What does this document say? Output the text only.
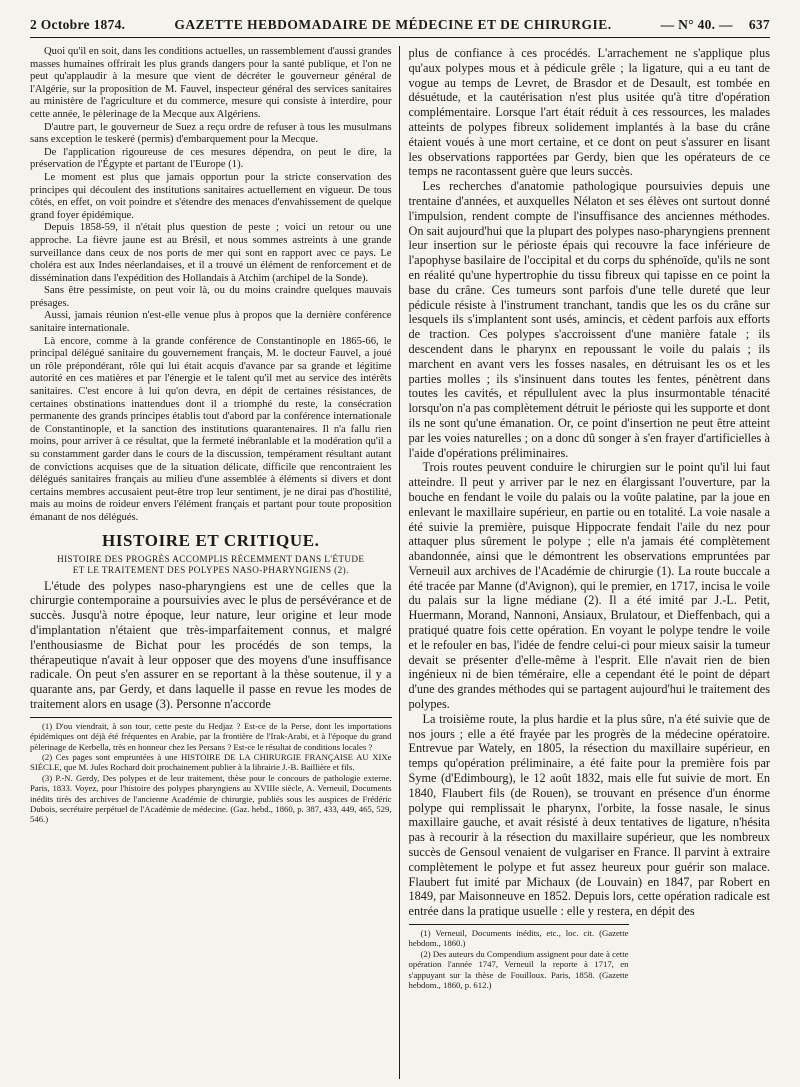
2 Octobre 1874.	GAZETTE HEBDOMADAIRE DE MÉDECINE ET DE CHIRURGIE.	— N° 40. — 637

Quoi qu'il en soit, dans les conditions actuelles, un rassemblement d'aussi grandes masses humaines offrirait les plus grands dangers pour la santé publique, et l'on ne peut qu'applaudir à la mesure que vient de décréter le gouverneur général de l'Algérie, sur la proposition de M. Fauvel, inspecteur général des services sanitaires au ministère de l'agriculture et du commerce, mesure qui consiste à interdire, pour cette année, le pèlerinage de la Mecque aux Algériens.

D'autre part, le gouverneur de Suez a reçu ordre de refuser à tous les musulmans sans exception le teskeré (permis) d'embarquement pour la Mecque.

De l'application rigoureuse de ces mesures dépendra, on peut le dire, la préservation de l'Égypte et partant de l'Europe (1).

Le moment est plus que jamais opportun pour la stricte conservation des principes qui découlent des institutions sanitaires actuellement en vigueur. De tous côtés, en effet, on voit poindre et s'étendre des menaces d'envahissement de quelque grand foyer épidémique.

Depuis 1858-59, il n'était plus question de peste ; voici un retour ou une approche. La fièvre jaune est au Brésil, et nous sommes astreints à une grande surveillance dans ceux de nos ports de mer qui sont en rapport avec ce pays. Le choléra est aux Indes néerlandaises, et il a trouvé un élément de renforcement et de dissémination dans l'expédition des Hollandais à Atchim (archipel de la Sonde).

Sans être pessimiste, on peut voir là, ou du moins craindre quelques mauvais présages.

Aussi, jamais réunion n'est-elle venue plus à propos que la dernière conférence sanitaire internationale.

Là encore, comme à la grande conférence de Constantinople en 1865-66, le principal délégué sanitaire du gouvernement français, M. le docteur Fauvel, a joué un rôle prépondérant, rôle qui lui était acquis d'avance par sa grande et légitime autorité en ces matières et par l'énergie et le talent qu'il met au service des intérêts sanitaires. C'est encore à lui qu'on devra, en dépit de certaines résistances, de certaines obstinations inattendues dont il a triomphé du reste, la consécration permanente des grands principes établis tout d'abord par la conférence internationale de Constantinople, et la sanction des institutions quarantenaires. Il n'a fallu rien moins, pour arriver à ce résultat, que la fermeté inébranlable et la modération qu'il a su constamment garder dans le cours de la discussion, tempérament résultant autant de convictions acquises que de la situation délicate, difficile que rencontraient les délégués sanitaires français au milieu d'une assemblée à éléments si divers et dont certains membres accusaient peut-être trop leur sentiment, je ne dirai pas d'hostilité, mais au moins de roideur envers l'élément français et partant pour toute proposition émanant de nos délégués.

HISTOIRE ET CRITIQUE.
HISTOIRE DES PROGRÈS ACCOMPLIS RÉCEMMENT DANS L'ÉTUDE
ET LE TRAITEMENT DES POLYPES NASO-PHARYNGIENS (2).

L'étude des polypes naso-pharyngiens est une de celles que la chirurgie contemporaine a poursuivies avec le plus de persévérance et de succès. Jusqu'à notre époque, leur nature, leur origine et leur mode d'implantation n'étaient que très-imparfaitement connus, et malgré l'enthousiasme de Bichat pour les procédés de son temps, la thérapeutique n'avait à leur opposer que des moyens d'une insuffisance radicale. On peut s'en assurer en se reportant à la thèse soutenue, il y a quarante ans, par Gerdy, et dans laquelle il passe en revue les modes de traitement alors en usage (3). Personne n'accorde

(1) D'ou viendrait, à son tour, cette peste du Hedjaz ? Est-ce de la Perse, dont les importations épidémiques ont déjà été fréquentes en Arabie, par la frontière de l'Irak-Arabi, et à l'époque du grand pèlerinage de Kerbella, très en honneur chez les Persans ? Est-ce le résultat de conditions locales ?

(2) Ces pages sont empruntées à une HISTOIRE DE LA CHIRURGIE FRANÇAISE AU XIXe SIÈCLE, que M. Jules Rochard doit prochainement publier à la librairie J.-B. Baillière et fils.

(3) P.-N. Gerdy, Des polypes et de leur traitement, thèse pour le concours de pathologie externe. Paris, 1833. Voyez, pour l'histoire des polypes pharyngiens au XVIIIe siècle, A. Verneuil, Documents inédits tirés des archives de l'ancienne Académie de chirurgie, publiés sous les auspices de Frédéric Dubois, secrétaire perpétuel de l'Académie de médecine. (Gaz. hebd., 1860, p. 387, 433, 449, 465, 529, 546.)

plus de confiance à ces procédés. L'arrachement ne s'applique plus qu'aux polypes mous et à pédicule grêle ; la ligature, qui a eu tant de vogue au temps de Levret, de Brasdor et de Desault, est tombée en désuétude, et la cautérisation n'est plus usitée qu'à titre d'opération complémentaire. Lorsque l'art était réduit à ces ressources, les malades atteints de polypes fibreux solidement implantés à la base du crâne étaient voués à une mort certaine, et ce dont on peut s'assurer en lisant les observations rapportées par Gerdy, bien que les opérateurs de ce temps ne racontassent guère que leurs succès.

Les recherches d'anatomie pathologique poursuivies depuis une trentaine d'années, et auxquelles Nélaton et ses élèves ont surtout donné l'impulsion, rendent compte de l'insuffisance des anciennes méthodes. On sait aujourd'hui que la plupart des polypes naso-pharyngiens prennent leur insertion sur le périoste épais qui recouvre la face inférieure de l'apophyse basilaire de l'occipital et du corps du sphénoïde, qu'ils ne sont en réalité qu'une hypertrophie du tissu fibreux qui tapisse en ce point la base du crâne. Ces tumeurs sont parfois d'une telle dureté que leur pédicule résiste à l'instrument tranchant, tandis que les os du crâne sur lesquels ils s'implantent sont usés, amincis, et cèdent parfois aux efforts de traction. Ces polypes s'accroissent d'une manière fatale ; ils descendent dans le pharynx en repoussant le voile du palais ; ils marchent en avant vers les fosses nasales, en détruisant les os et les parties molles ; ils s'insinuent dans toutes les fentes, pénètrent dans toutes les cavités, et répullulent avec la plus insurmontable ténacité lorsqu'on n'a pas complètement détruit le périoste qui les supporte et dont ils ne sont qu'une émanation. Or, ce point d'insertion ne peut être atteint par les voies naturelles ; on a donc dû songer à s'en frayer d'artificielles à l'aide d'opérations préliminaires.

Trois routes peuvent conduire le chirurgien sur le point qu'il lui faut atteindre. Il peut y arriver par le nez en élargissant l'ouverture, par la bouche en fendant le voile du palais ou la voûte palatine, par la joue en enlevant le maxillaire supérieur, en partie ou en totalité. La voie nasale a été suivie la première, puisque Hippocrate fendait l'aile du nez pour attaquer plus sûrement le polype ; elle n'a jamais été complètement abandonnée, ainsi que le démontrent les observations empruntées par Verneuil aux archives de l'Académie de chirurgie (1). La route buccale a été tracée par Manne (d'Avignon), qui le premier, en 1717, incisa le voile du palais sur la ligne médiane (2). Il a été imité par J.-L. Petit, Huermann, Morand, Nannoni, Ansiaux, Brulatour, et Dieffenbach, qui a pratiqué quatre fois cette opération. En voyant le polype tendre le voile et le refouler en bas, l'idée de fendre celui-ci pour mieux saisir la tumeur devait se présenter d'elle-même à l'esprit. Elle n'avait rien de bien ingénieux ni de bien téméraire, elle a cependant été le point de départ d'une des grandes méthodes qui se partagent aujourd'hui le traitement des polypes.

La troisième route, la plus hardie et la plus sûre, n'a été suivie que de nos jours ; elle a été frayée par les progrès de la médecine opératoire. Entrevue par Wately, en 1805, la résection du maxillaire supérieur, en temps qu'opération préliminaire, a été faite pour la première fois par Syme (d'Edimbourg), le 12 août 1832, mais elle fut suivie de mort. En 1840, Flaubert fils (de Rouen), se trouvant en présence d'un énorme polype qui remplissait le pharynx, l'orbite, la fosse nasale, le sinus maxillaire gauche, et avait résisté à deux tentatives de ligature, n'hésita pas à recourir à la résection du maxillaire supérieur, que les nombreux succès de Gensoul venaient de vulgariser en France. Il parvint à extraire complètement le polype et fut assez heureux pour guérir son malace. Flaubert fut imité par Michaux (de Louvain) en 1847, par Robert en 1849, par Maisonneuve en 1852. Depuis lors, cette opération radicale est entrée dans la pratique usuelle : elle y restera, en dépit des

(1) Verneuil, Documents inédits, etc., loc. cit. (Gazette hebdom., 1860.)

(2) Des auteurs du Compendium assignent pour date à cette opération l'année 1747, Verneuil la reporte à 1717, en s'appuyant sur la thèse de Fouilloux. Paris, 1858. (Gazette hebdom., 1860, p. 612.)
